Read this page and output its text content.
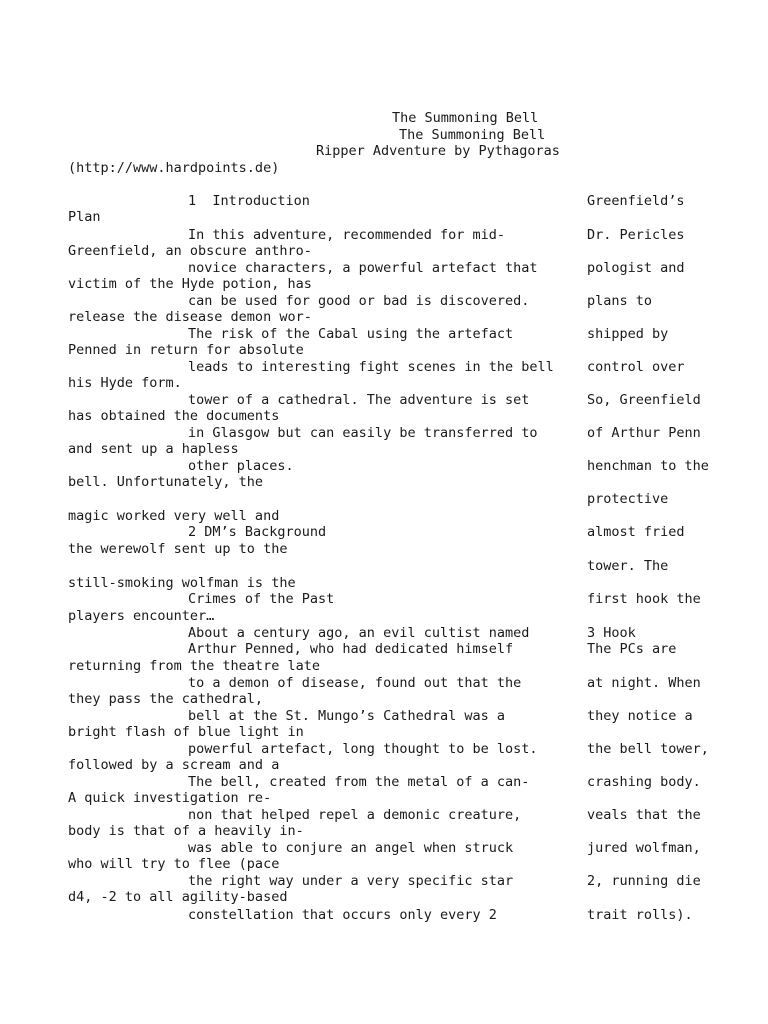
The Summoning Bell
The Summoning Bell
Ripper Adventure by Pythagoras
(http://www.hardpoints.de)
1  Introduction
Plan
In this adventure, recommended for mid-
Greenfield, an obscure anthro-
novice characters, a powerful artefact that
victim of the Hyde potion, has
can be used for good or bad is discovered.
release the disease demon wor-
The risk of the Cabal using the artefact
Penned in return for absolute
leads to interesting fight scenes in the bell
his Hyde form.
tower of a cathedral. The adventure is set
has obtained the documents
in Glasgow but can easily be transferred to
and sent up a hapless
other places.
bell. Unfortunately, the
magic worked very well and
2 DM’s Background
the werewolf sent up to the
still-smoking wolfman is the
Crimes of the Past
players encounter…
About a century ago, an evil cultist named
Arthur Penned, who had dedicated himself
returning from the theatre late
to a demon of disease, found out that the
they pass the cathedral,
bell at the St. Mungo’s Cathedral was a
bright flash of blue light in
powerful artefact, long thought to be lost.
followed by a scream and a
The bell, created from the metal of a can-
A quick investigation re-
non that helped repel a demonic creature,
body is that of a heavily in-
was able to conjure an angel when struck
who will try to flee (pace
the right way under a very specific star
d4, -2 to all agility-based
constellation that occurs only every 2
Greenfield’s
Dr. Pericles
pologist and
plans to
shipped by
control over
So, Greenfield
of Arthur Penn
henchman to the
protective
almost fried
tower. The
first hook the
3 Hook
The PCs are
at night. When
they notice a
the bell tower,
crashing body.
veals that the
jured wolfman,
2, running die
trait rolls).
